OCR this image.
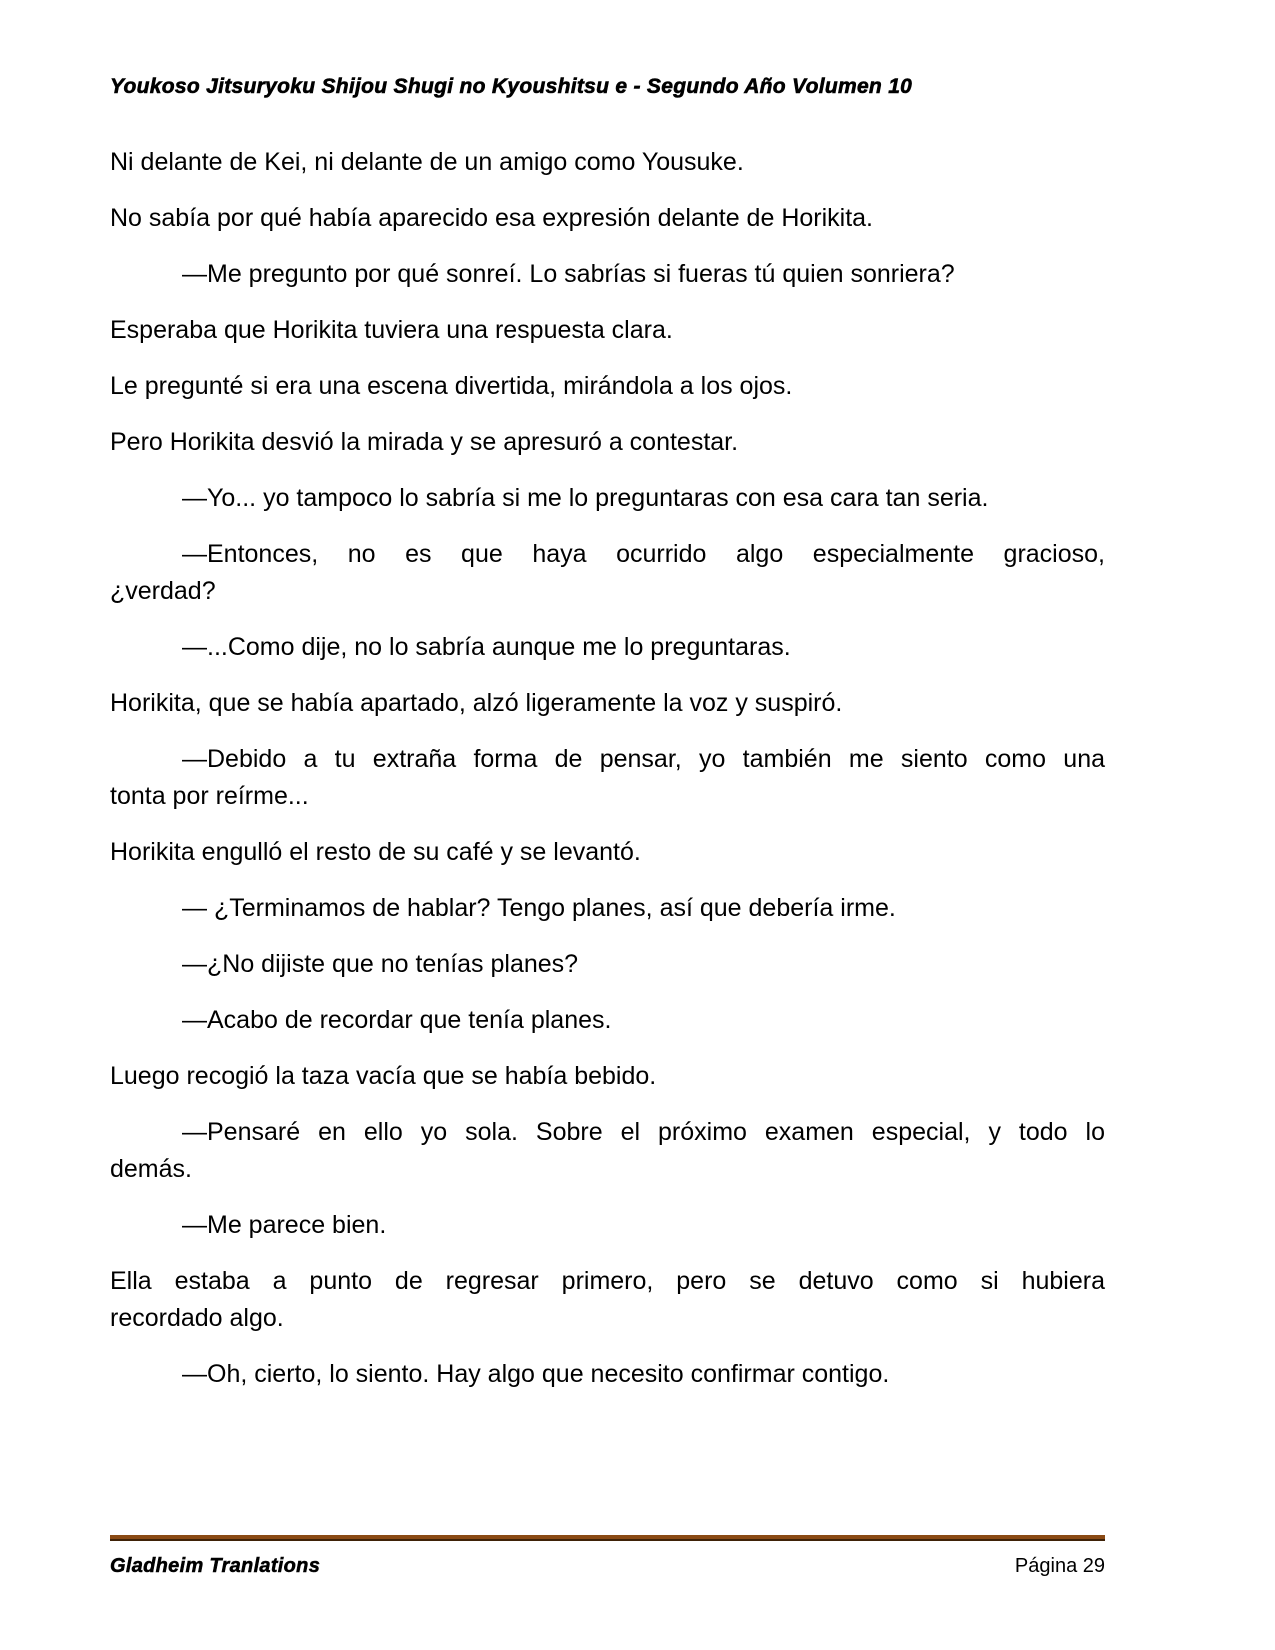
Youkoso Jitsuryoku Shijou Shugi no Kyoushitsu e - Segundo Año Volumen 10

Ni delante de Kei, ni delante de un amigo como Yousuke.

No sabía por qué había aparecido esa expresión delante de Horikita.

—Me pregunto por qué sonreí. Lo sabrías si fueras tú quien sonriera?

Esperaba que Horikita tuviera una respuesta clara.

Le pregunté si era una escena divertida, mirándola a los ojos.

Pero Horikita desvió la mirada y se apresuró a contestar.

—Yo... yo tampoco lo sabría si me lo preguntaras con esa cara tan seria.

—Entonces, no es que haya ocurrido algo especialmente gracioso,
¿verdad?

—...Como dije, no lo sabría aunque me lo preguntaras.

Horikita, que se había apartado, alzó ligeramente la voz y suspiró.

—Debido a tu extraña forma de pensar, yo también me siento como una
tonta por reírme...

Horikita engulló el resto de su café y se levantó.

— ¿Terminamos de hablar? Tengo planes, así que debería irme.

—¿No dijiste que no tenías planes?

—Acabo de recordar que tenía planes.

Luego recogió la taza vacía que se había bebido.

—Pensaré en ello yo sola. Sobre el próximo examen especial, y todo lo
demás.

—Me parece bien.

Ella estaba a punto de regresar primero, pero se detuvo como si hubiera
recordado algo.

—Oh, cierto, lo siento. Hay algo que necesito confirmar contigo.

Gladheim Tranlations	Página 29
